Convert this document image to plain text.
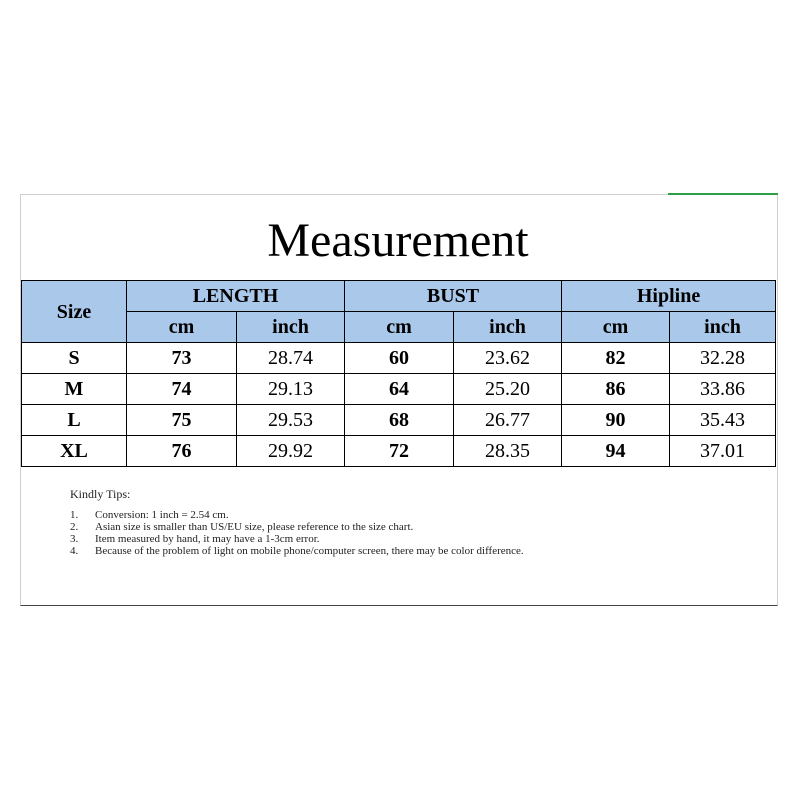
Measurement
Size	LENGTH		BUST		Hipline	
	cm	inch	cm	inch	cm	inch
S	73	28.74	60	23.62	82	32.28
M	74	29.13	64	25.20	86	33.86
L	75	29.53	68	26.77	90	35.43
XL	76	29.92	72	28.35	94	37.01
Kindly Tips:
1. Conversion: 1 inch = 2.54 cm.
2. Asian size is smaller than US/EU size, please reference to the size chart.
3. Item measured by hand, it may have a 1-3cm error.
4. Because of the problem of light on mobile phone/computer screen, there may be color difference.
